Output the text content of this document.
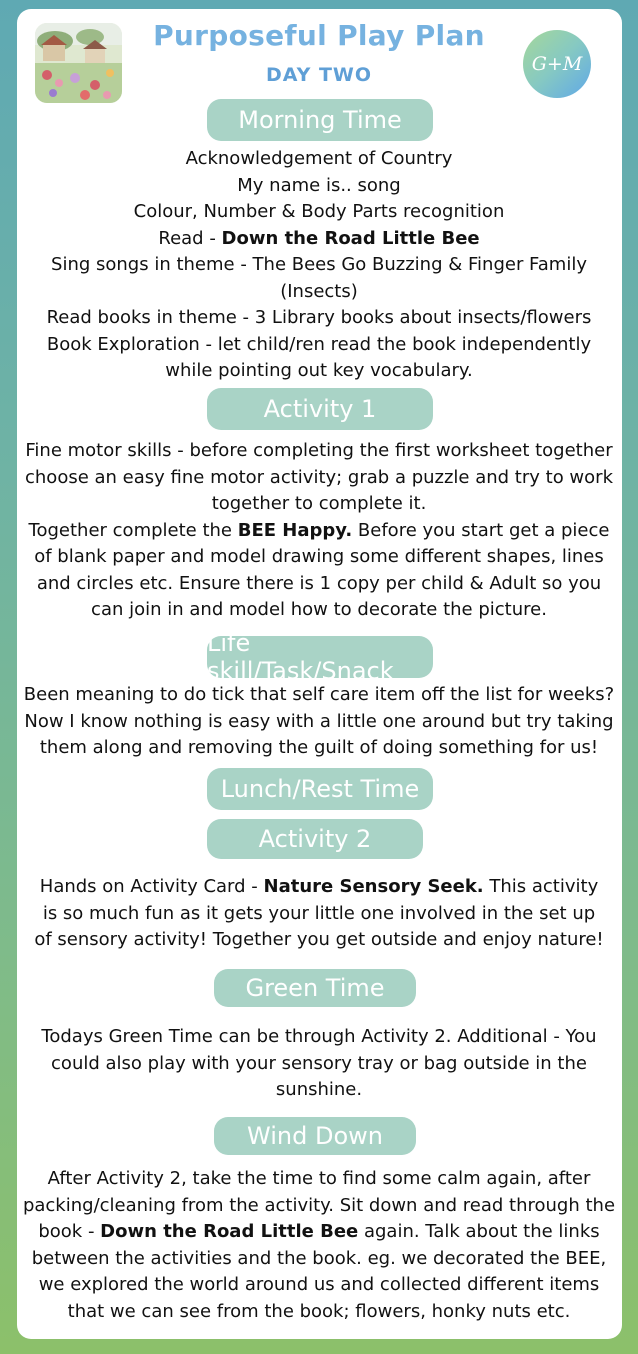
Purposeful Play Plan
DAY TWO	G+M
Morning Time

Acknowledgement of Country

My name is.. song

Colour, Number & Body Parts recognition

Read - Down the Road Little Bee

Sing songs in theme - The Bees Go Buzzing & Finger Family (Insects)

Read books in theme - 3 Library books about insects/flowers

Book Exploration - let child/ren read the book independently while pointing out key vocabulary.

Activity 1

Fine motor skills - before completing the first worksheet together choose an easy fine motor activity; grab a puzzle and try to work together to complete it.

Together complete the BEE Happy. Before you start get a piece of blank paper and model drawing some different shapes, lines and circles etc. Ensure there is 1 copy per child & Adult so you can join in and model how to decorate the picture.

Life skill/Task/Snack
Been meaning to do tick that self care item off the list for weeks? Now I know nothing is easy with a little one around but try taking them along and removing the guilt of doing something for us!
Lunch/Rest Time
Activity 2
Hands on Activity Card - Nature Sensory Seek. This activity is so much fun as it gets your little one involved in the set up of sensory activity! Together you get outside and enjoy nature!
Green Time
Todays Green Time can be through Activity 2. Additional - You could also play with your sensory tray or bag outside in the sunshine.
Wind Down
After Activity 2, take the time to find some calm again, after packing/cleaning from the activity. Sit down and read through the book - Down the Road Little Bee again. Talk about the links between the activities and the book. eg. we decorated the BEE, we explored the world around us and collected different items that we can see from the book; flowers, honky nuts etc.
